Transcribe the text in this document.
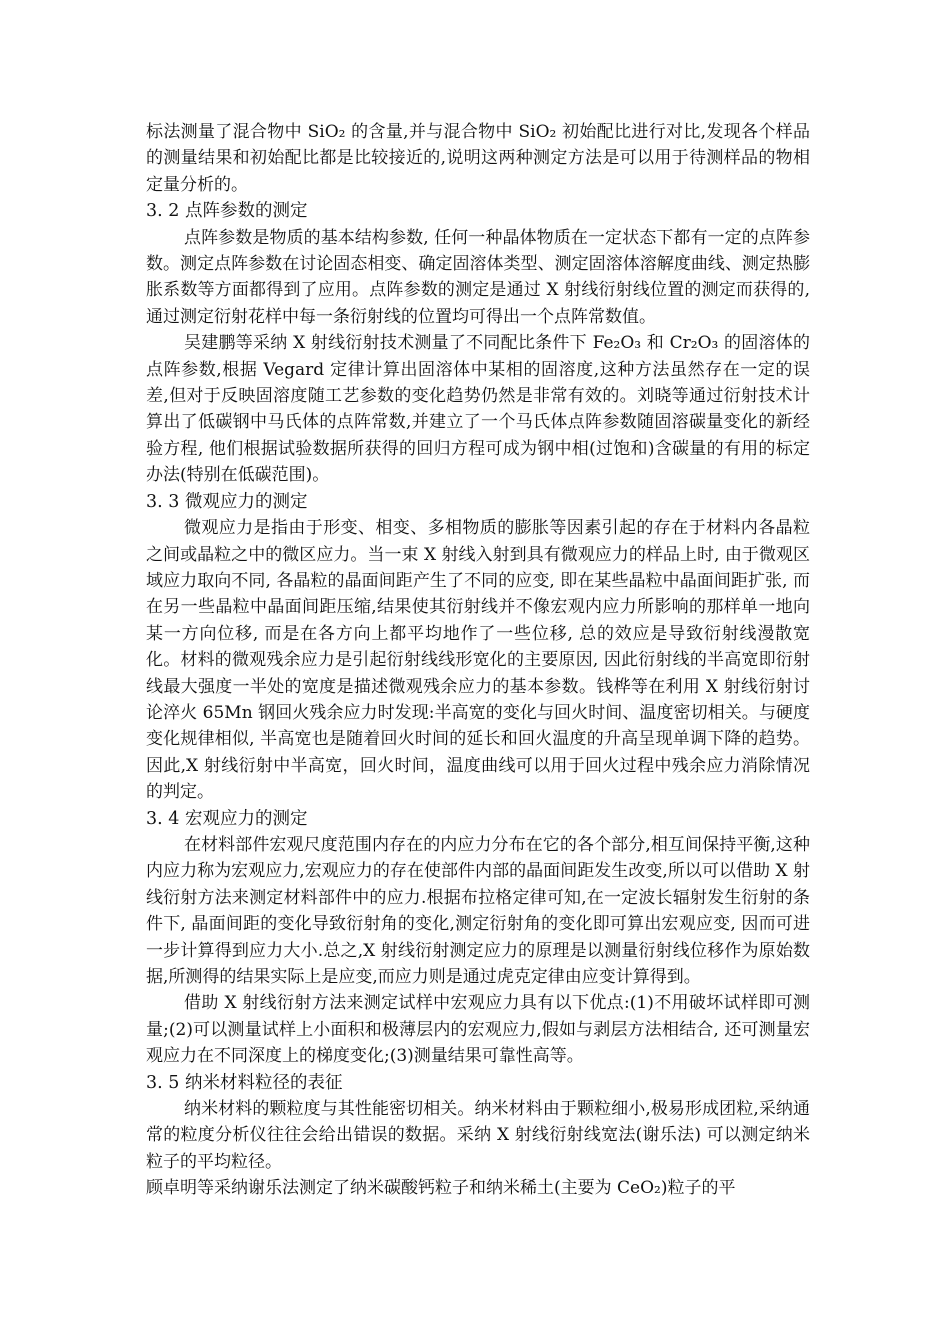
标法测量了混合物中 SiO₂ 的含量,并与混合物中 SiO₂ 初始配比进行对比,发现各个样品的测量结果和初始配比都是比较接近的,说明这两种测定方法是可以用于待测样品的物相定量分析的。

3. 2 点阵参数的测定

点阵参数是物质的基本结构参数, 任何一种晶体物质在一定状态下都有一定的点阵参数。测定点阵参数在讨论固态相变、确定固溶体类型、测定固溶体溶解度曲线、测定热膨胀系数等方面都得到了应用。点阵参数的测定是通过 X 射线衍射线位置的测定而获得的,通过测定衍射花样中每一条衍射线的位置均可得出一个点阵常数值。

吴建鹏等采纳 X 射线衍射技术测量了不同配比条件下 Fe₂O₃ 和 Cr₂O₃ 的固溶体的点阵参数,根据 Vegard 定律计算出固溶体中某相的固溶度,这种方法虽然存在一定的误差,但对于反映固溶度随工艺参数的变化趋势仍然是非常有效的。刘晓等通过衍射技术计算出了低碳钢中马氏体的点阵常数,并建立了一个马氏体点阵参数随固溶碳量变化的新经验方程, 他们根据试验数据所获得的回归方程可成为钢中相(过饱和)含碳量的有用的标定办法(特别在低碳范围)。

3. 3 微观应力的测定

微观应力是指由于形变、相变、多相物质的膨胀等因素引起的存在于材料内各晶粒之间或晶粒之中的微区应力。当一束 X 射线入射到具有微观应力的样品上时, 由于微观区域应力取向不同, 各晶粒的晶面间距产生了不同的应变, 即在某些晶粒中晶面间距扩张, 而在另一些晶粒中晶面间距压缩,结果使其衍射线并不像宏观内应力所影响的那样单一地向某一方向位移, 而是在各方向上都平均地作了一些位移, 总的效应是导致衍射线漫散宽化。材料的微观残余应力是引起衍射线线形宽化的主要原因, 因此衍射线的半高宽即衍射线最大强度一半处的宽度是描述微观残余应力的基本参数。钱桦等在利用 X 射线衍射讨论淬火 65Mn 钢回火残余应力时发现:半高宽的变化与回火时间、温度密切相关。与硬度变化规律相似, 半高宽也是随着回火时间的延长和回火温度的升高呈现单调下降的趋势。因此,X 射线衍射中半高宽，回火时间，温度曲线可以用于回火过程中残余应力消除情况的判定。

3. 4 宏观应力的测定

在材料部件宏观尺度范围内存在的内应力分布在它的各个部分,相互间保持平衡,这种内应力称为宏观应力,宏观应力的存在使部件内部的晶面间距发生改变,所以可以借助 X 射线衍射方法来测定材料部件中的应力.根据布拉格定律可知,在一定波长辐射发生衍射的条件下, 晶面间距的变化导致衍射角的变化,测定衍射角的变化即可算出宏观应变, 因而可进一步计算得到应力大小.总之,X 射线衍射测定应力的原理是以测量衍射线位移作为原始数据,所测得的结果实际上是应变,而应力则是通过虎克定律由应变计算得到。

借助 X 射线衍射方法来测定试样中宏观应力具有以下优点:(1)不用破坏试样即可测量;(2)可以测量试样上小面积和极薄层内的宏观应力,假如与剥层方法相结合, 还可测量宏观应力在不同深度上的梯度变化;(3)测量结果可靠性高等。

3. 5 纳米材料粒径的表征

纳米材料的颗粒度与其性能密切相关。纳米材料由于颗粒细小,极易形成团粒,采纳通常的粒度分析仪往往会给出错误的数据。采纳 X 射线衍射线宽法(谢乐法) 可以测定纳米粒子的平均粒径。

顾卓明等采纳谢乐法测定了纳米碳酸钙粒子和纳米稀土(主要为 CeO₂)粒子的平
